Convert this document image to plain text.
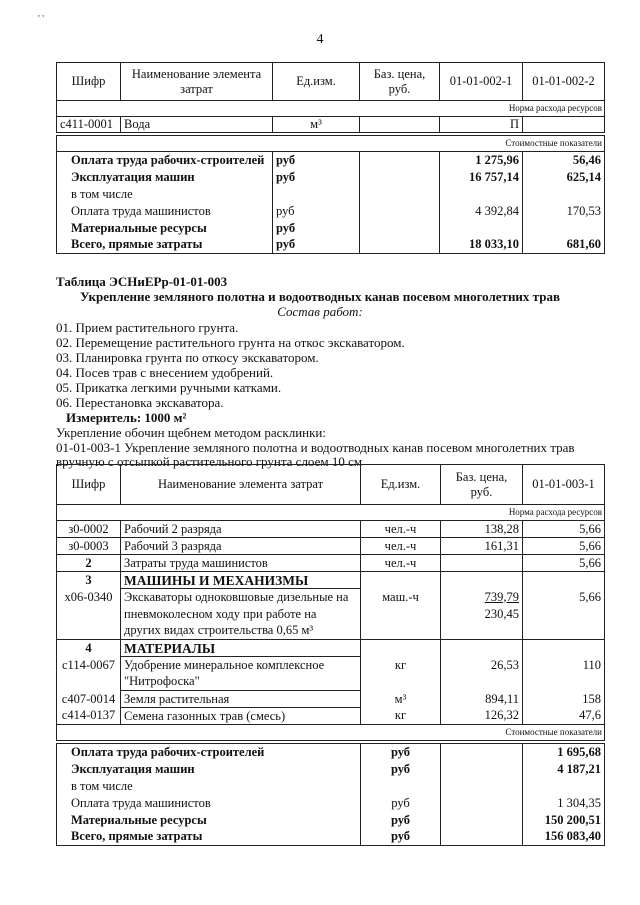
' '
4
Шифр	Наименование элемента затрат	Ед.изм.	Баз. цена, руб.	01-01-002-1	01-01-002-2
Норма расхода ресурсов					
с411-0001	Вода	м³		П	

Стоимостные показатели					
Оплата труда рабочих-строителей		руб		1 275,96	56,46
Эксплуатация машин		руб		16 757,14	625,14
в том числе					
Оплата труда машинистов		руб		4 392,84	170,53
Материальные ресурсы		руб			
Всего, прямые затраты		руб		18 033,10	681,60
Таблица ЭСНиЕРр-01-01-003
Укрепление земляного полотна и водоотводных канав посевом многолетних трав
Состав работ:
01. Прием растительного грунта.
02. Перемещение растительного грунта на откос экскаватором.
03. Планировка грунта по откосу экскаватором.
04. Посев трав с внесением удобрений.
05. Прикатка легкими ручными катками.
06. Перестановка экскаватора.
Измеритель: 1000 м²
Укрепление обочин щебнем методом расклинки:
01-01-003-1 Укрепление земляного полотна и водоотводных канав посевом многолетних трав
вручную с отсыпкой растительного грунта слоем 10 см
Шифр	Наименование элемента затрат	Ед.изм.	Баз. цена, руб.	01-01-003-1
Норма расхода ресурсов				
з0-0002	Рабочий 2 разряда	чел.-ч	138,28	5,66
з0-0003	Рабочий 3 разряда	чел.-ч	161,31	5,66
2	Затраты труда машинистов	чел.-ч		5,66
3	МАШИНЫ И МЕХАНИЗМЫ			
х06-0340	Экскаваторы одноковшовые дизельные на	маш.-ч	739,79	5,66
	пневмоколесном ходу при работе на		230,45	
	других видах строительства 0,65 м³			
4	МАТЕРИАЛЫ			
с114-0067	Удобрение минеральное комплексное	кг	26,53	110
	"Нитрофоска"			
с407-0014	Земля растительная	м³	894,11	158
с414-0137	Семена газонных трав (смесь)	кг	126,32	47,6
Стоимостные показатели				

Оплата труда рабочих-строителей		руб		1 695,68
Эксплуатация машин		руб		4 187,21
в том числе				
Оплата труда машинистов		руб		1 304,35
Материальные ресурсы		руб		150 200,51
Всего, прямые затраты		руб		156 083,40
